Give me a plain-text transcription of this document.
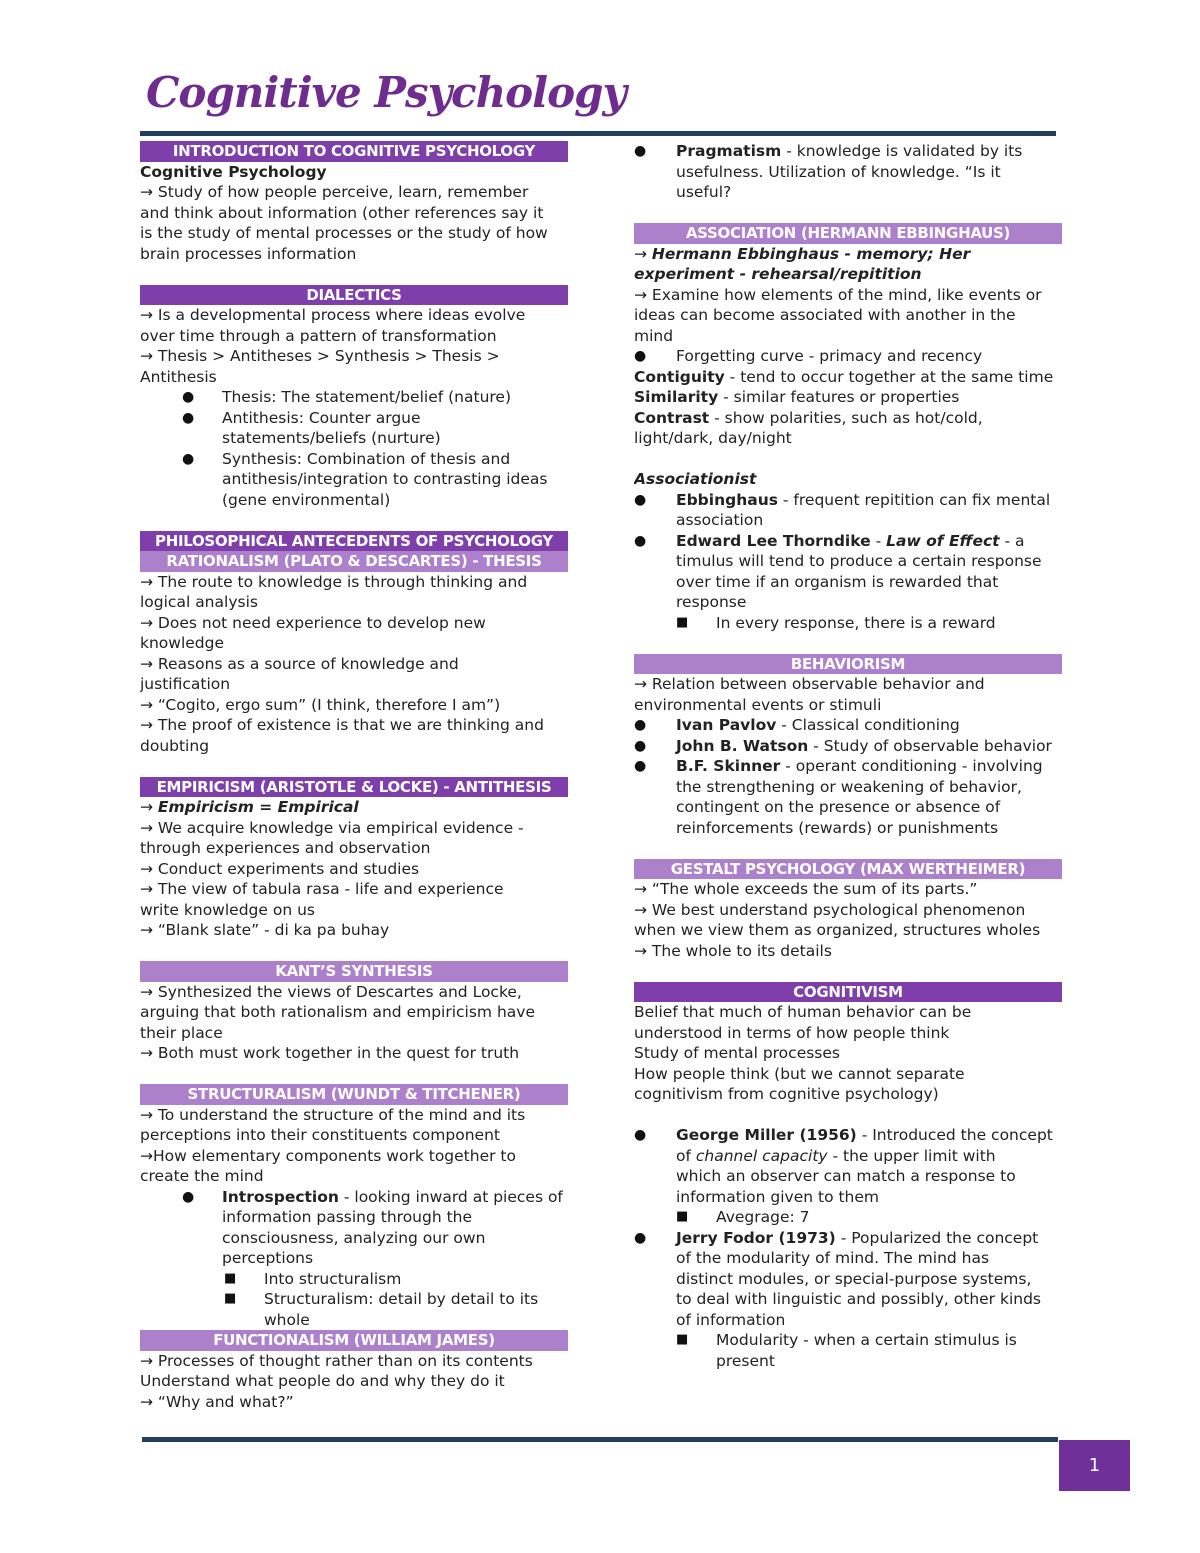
Cognitive Psychology
INTRODUCTION TO COGNITIVE PSYCHOLOGY
Cognitive Psychology
→ Study of how people perceive, learn, remember
and think about information (other references say it
is the study of mental processes or the study of how
brain processes information
DIALECTICS
→ Is a developmental process where ideas evolve
over time through a pattern of transformation
→ Thesis > Antitheses > Synthesis > Thesis >
Antithesis
● Thesis: The statement/belief (nature)
● Antithesis: Counter argue
statements/beliefs (nurture)
● Synthesis: Combination of thesis and
antithesis/integration to contrasting ideas
(gene environmental)
PHILOSOPHICAL ANTECEDENTS OF PSYCHOLOGY
RATIONALISM (PLATO & DESCARTES) - THESIS
→ The route to knowledge is through thinking and
logical analysis
→ Does not need experience to develop new
knowledge
→ Reasons as a source of knowledge and
justification
→ “Cogito, ergo sum” (I think, therefore I am”)
→ The proof of existence is that we are thinking and
doubting
EMPIRICISM (ARISTOTLE & LOCKE) - ANTITHESIS
→ Empiricism = Empirical
→ We acquire knowledge via empirical evidence -
through experiences and observation
→ Conduct experiments and studies
→ The view of tabula rasa - life and experience
write knowledge on us
→ “Blank slate” - di ka pa buhay
KANT’S SYNTHESIS
→ Synthesized the views of Descartes and Locke,
arguing that both rationalism and empiricism have
their place
→ Both must work together in the quest for truth
STRUCTURALISM (WUNDT & TITCHENER)
→ To understand the structure of the mind and its
perceptions into their constituents component
→How elementary components work together to
create the mind
● Introspection - looking inward at pieces of
information passing through the
consciousness, analyzing our own
perceptions
■ Into structuralism
■ Structuralism: detail by detail to its
whole
FUNCTIONALISM (WILLIAM JAMES)
→ Processes of thought rather than on its contents
Understand what people do and why they do it
→ “Why and what?”
● Pragmatism - knowledge is validated by its
usefulness. Utilization of knowledge. “Is it
useful?
ASSOCIATION (HERMANN EBBINGHAUS)
→ Hermann Ebbinghaus - memory; Her
experiment - rehearsal/repitition
→ Examine how elements of the mind, like events or
ideas can become associated with another in the
mind
● Forgetting curve - primacy and recency
Contiguity - tend to occur together at the same time
Similarity - similar features or properties
Contrast - show polarities, such as hot/cold,
light/dark, day/night
Associationist
● Ebbinghaus - frequent repitition can fix mental
association
● Edward Lee Thorndike - Law of Effect - a
timulus will tend to produce a certain response
over time if an organism is rewarded that
response
■ In every response, there is a reward
BEHAVIORISM
→ Relation between observable behavior and
environmental events or stimuli
● Ivan Pavlov - Classical conditioning
● John B. Watson - Study of observable behavior
● B.F. Skinner - operant conditioning - involving
the strengthening or weakening of behavior,
contingent on the presence or absence of
reinforcements (rewards) or punishments
GESTALT PSYCHOLOGY (MAX WERTHEIMER)
→ “The whole exceeds the sum of its parts.”
→ We best understand psychological phenomenon
when we view them as organized, structures wholes
→ The whole to its details
COGNITIVISM
Belief that much of human behavior can be
understood in terms of how people think
Study of mental processes
How people think (but we cannot separate
cognitivism from cognitive psychology)
● George Miller (1956) - Introduced the concept
of channel capacity - the upper limit with
which an observer can match a response to
information given to them
■ Avegrage: 7
● Jerry Fodor (1973) - Popularized the concept
of the modularity of mind. The mind has
distinct modules, or special-purpose systems,
to deal with linguistic and possibly, other kinds
of information
■ Modularity - when a certain stimulus is
present
1
